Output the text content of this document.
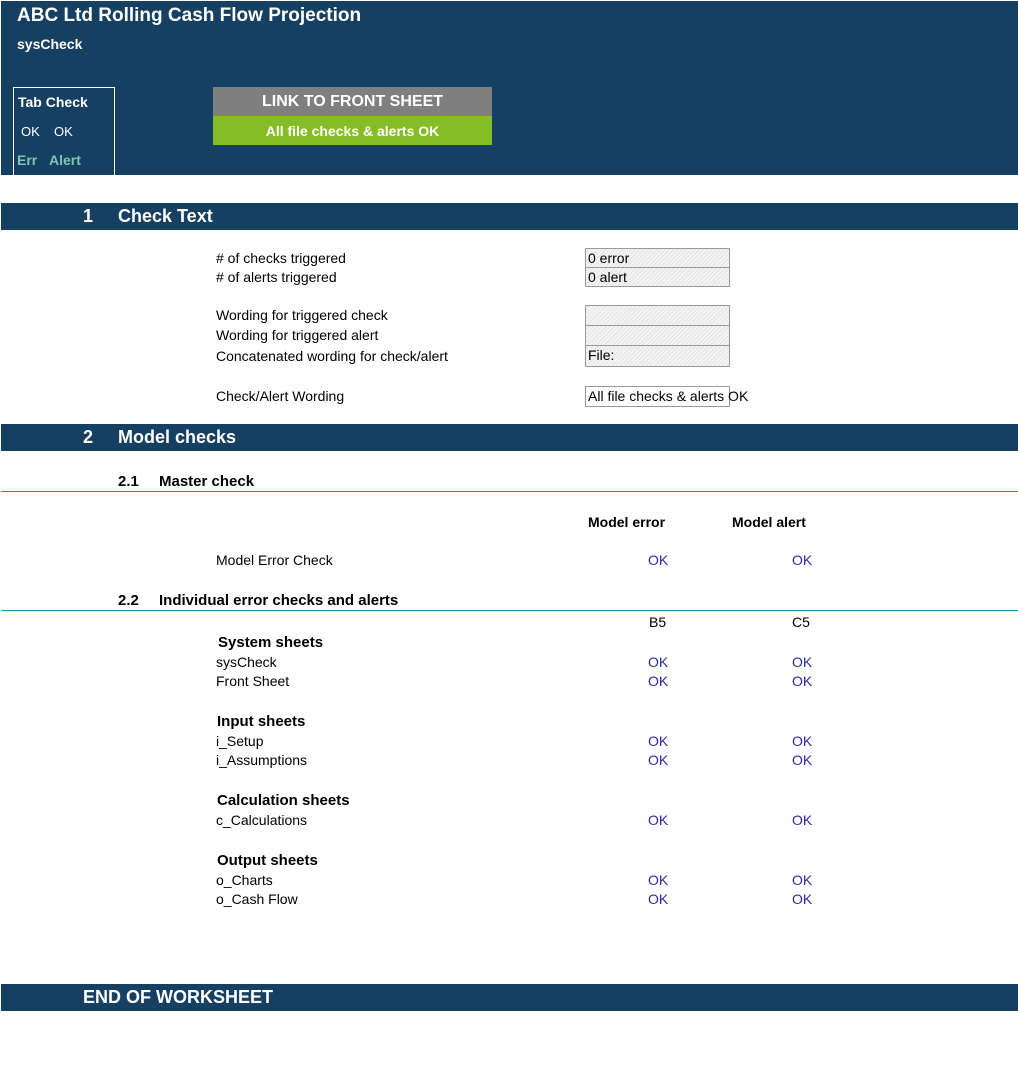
ABC Ltd Rolling Cash Flow Projection
sysCheck
Tab Check
OK OK
Err Alert
LINK TO FRONT SHEET
All file checks & alerts OK
1 Check Text
# of checks triggered	0 error
# of alerts triggered	0 alert
Wording for triggered check
Wording for triggered alert
Concatenated wording for check/alert	File:
Check/Alert Wording	All file checks & alerts OK
2 Model checks
2.1 Master check
Model error	Model alert
Model Error Check	OK	OK
2.2 Individual error checks and alerts
B5	C5
System sheets
sysCheck	OK	OK
Front Sheet	OK	OK
Input sheets
i_Setup	OK	OK
i_Assumptions	OK	OK
Calculation sheets
c_Calculations	OK	OK
Output sheets
o_Charts	OK	OK
o_Cash Flow	OK	OK
END OF WORKSHEET
